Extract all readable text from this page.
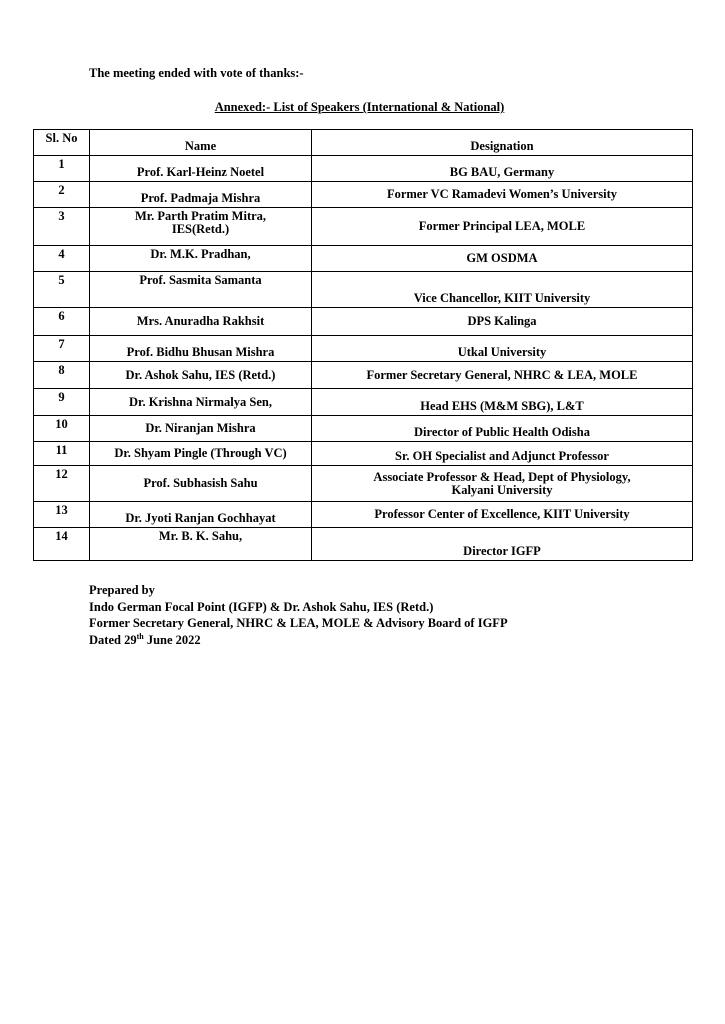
The meeting ended with vote of thanks:-
Annexed:- List of Speakers (International & National)
Sl. No	Name	Designation
1	Prof. Karl-Heinz Noetel	BG BAU, Germany
2	Prof. Padmaja Mishra	Former VC Ramadevi Women’s University
3	Mr. Parth Pratim Mitra, IES(Retd.)	Former Principal LEA, MOLE
4	Dr. M.K. Pradhan,	GM OSDMA
5	Prof. Sasmita Samanta	Vice Chancellor, KIIT University
6	Mrs. Anuradha Rakhsit	DPS Kalinga
7	Prof. Bidhu Bhusan Mishra	Utkal University
8	Dr. Ashok Sahu, IES (Retd.)	Former Secretary General, NHRC & LEA, MOLE
9	Dr. Krishna Nirmalya Sen,	Head EHS (M&M SBG), L&T
10	Dr. Niranjan Mishra	Director of Public Health Odisha
11	Dr. Shyam Pingle (Through VC)	Sr. OH Specialist and Adjunct Professor
12	Prof. Subhasish Sahu	Associate Professor & Head, Dept of Physiology, Kalyani University

13	Dr. Jyoti Ranjan Gochhayat	Professor Center of Excellence, KIIT University
14	Mr. B. K. Sahu,	Director IGFP
Prepared by
Indo German Focal Point (IGFP) & Dr. Ashok Sahu, IES (Retd.)
Former Secretary General, NHRC & LEA, MOLE & Advisory Board of IGFP
Dated 29th June 2022
